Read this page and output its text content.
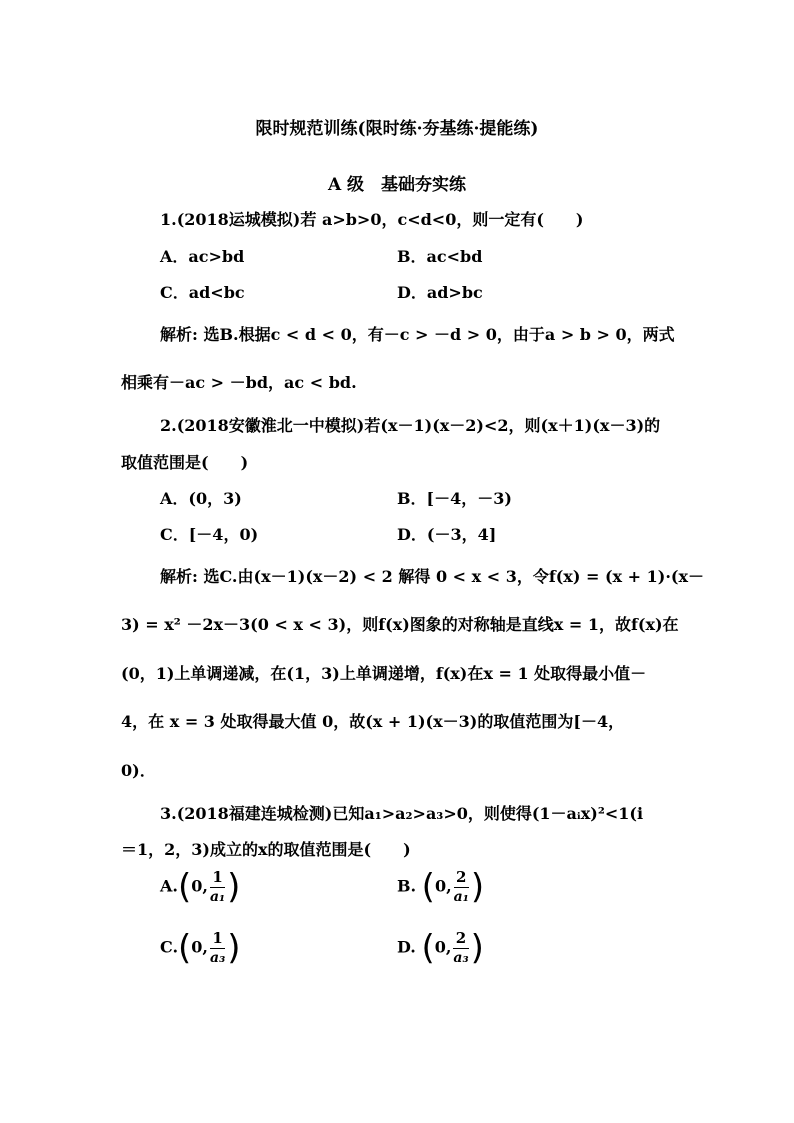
限时规范训练(限时练·夯基练·提能练)
A 级　基础夯实练
1.(2018运城模拟)若 a>b>0，c<d<0，则一定有(　　)
A．ac>bd	B．ac<bd
C．ad<bc	D．ad>bc
解析: 选B.根据c < d < 0，有－c > －d > 0，由于a > b > 0，两式
相乘有－ac > －bd，ac < bd.
2.(2018安徽淮北一中模拟)若(x－1)(x－2)<2，则(x＋1)(x－3)的
取值范围是(　　)
A．(0，3)	B．[－4，－3)
C．[－4，0)	D．(－3，4]
解析: 选C.由(x－1)(x－2) < 2 解得 0 < x < 3，令f(x) = (x + 1)·(x－
3) = x² －2x－3(0 < x < 3)，则f(x)图象的对称轴是直线x = 1，故f(x)在
(0，1)上单调递减，在(1，3)上单调递增，f(x)在x = 1 处取得最小值－
4，在 x = 3 处取得最大值 0，故(x + 1)(x－3)的取值范围为[－4，
0)．
3.(2018福建连城检测)已知a₁>a₂>a₃>0，则使得(1－aᵢx)²<1(i
＝1，2，3)成立的x的取值范围是(　　)
A.(0, $\frac{1}{\text{a₁}}$ )	B. (0, $\frac{2}{\text{a₁}}$ )
C.(0, $\frac{1}{\text{a₃}}$ )	D. (0, $\frac{2}{\text{a₃}}$ )
